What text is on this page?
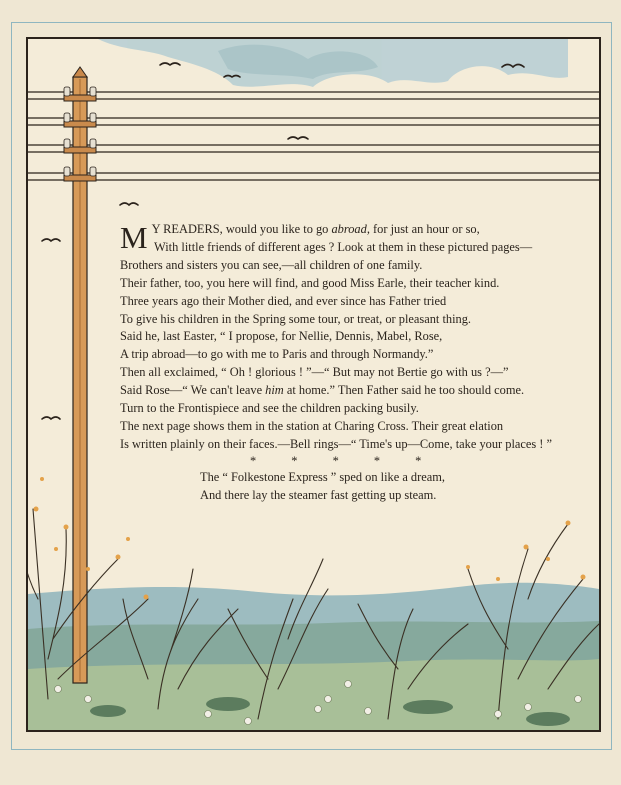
M Y READERS, would you like to go abroad, for just an hour or so,
With little friends of different ages ? Look at them in these pictured pages—
Brothers and sisters you can see,—all children of one family.
Their father, too, you here will find, and good Miss Earle, their teacher kind.
Three years ago their Mother died, and ever since has Father tried
To give his children in the Spring some tour, or treat, or pleasant thing.
Said he, last Easter, “ I propose, for Nellie, Dennis, Mabel, Rose,
A trip abroad—to go with me to Paris and through Normandy.”
Then all exclaimed, “ Oh ! glorious ! ”—“ But may not Bertie go with us ?—”
Said Rose—“ We can't leave him at home.” Then Father said he too should come.
Turn to the Frontispiece and see the children packing busily.
The next page shows them in the station at Charing Cross. Their great elation
Is written plainly on their faces.—Bell rings—“ Time's up—Come, take your places ! ”
* * * * *
The “ Folkestone Express ” sped on like a dream,
And there lay the steamer fast getting up steam.
